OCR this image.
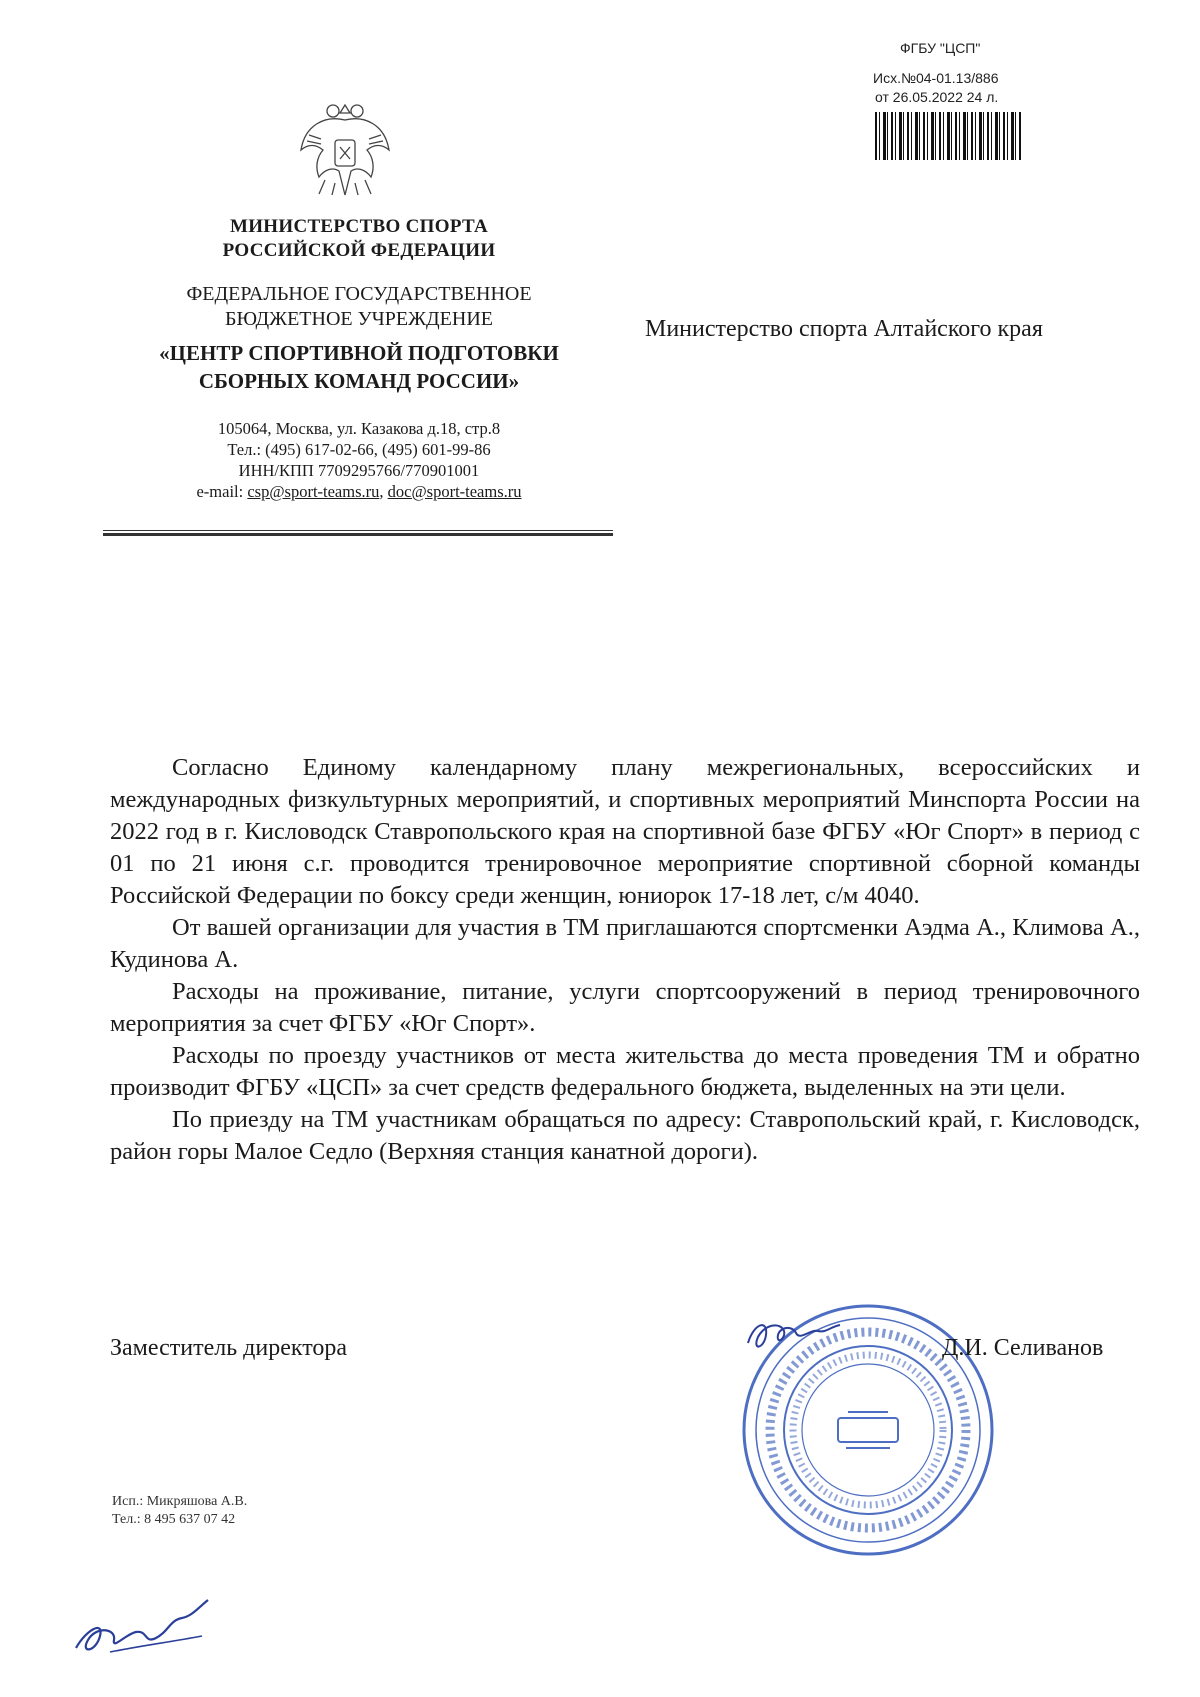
ФГБУ "ЦСП"
Исх.№04-01.13/886
от 26.05.2022 24 л.
МИНИСТЕРСТВО СПОРТА
РОССИЙСКОЙ ФЕДЕРАЦИИ
ФЕДЕРАЛЬНОЕ ГОСУДАРСТВЕННОЕ
БЮДЖЕТНОЕ УЧРЕЖДЕНИЕ
«ЦЕНТР СПОРТИВНОЙ ПОДГОТОВКИ
СБОРНЫХ КОМАНД РОССИИ»
105064, Москва, ул. Казакова д.18, стр.8
Тел.: (495) 617-02-66, (495) 601-99-86
ИНН/КПП 7709295766/770901001
e-mail: csp@sport-teams.ru, doc@sport-teams.ru
Министерство спорта Алтайского края

Согласно Единому календарному плану межрегиональных, всероссийских и международных физкультурных мероприятий, и спортивных мероприятий Минспорта России на 2022 год в г. Кисловодск Ставропольского края на спортивной базе ФГБУ «Юг Спорт» в период с 01 по 21 июня с.г. проводится тренировочное мероприятие спортивной сборной команды Российской Федерации по боксу среди женщин, юниорок 17-18 лет, с/м 4040.

От вашей организации для участия в ТМ приглашаются спортсменки Аэдма А., Климова А., Кудинова А.

Расходы на проживание, питание, услуги спортсооружений в период тренировочного мероприятия за счет ФГБУ «Юг Спорт».

Расходы по проезду участников от места жительства до места проведения ТМ и обратно производит ФГБУ «ЦСП» за счет средств федерального бюджета, выделенных на эти цели.

По приезду на ТМ участникам обращаться по адресу: Ставропольский край, г. Кисловодск, район горы Малое Седло (Верхняя станция канатной дороги).

Заместитель директора	Д.И. Селиванов
Исп.: Микряшова А.В.
Тел.: 8 495 637 07 42
